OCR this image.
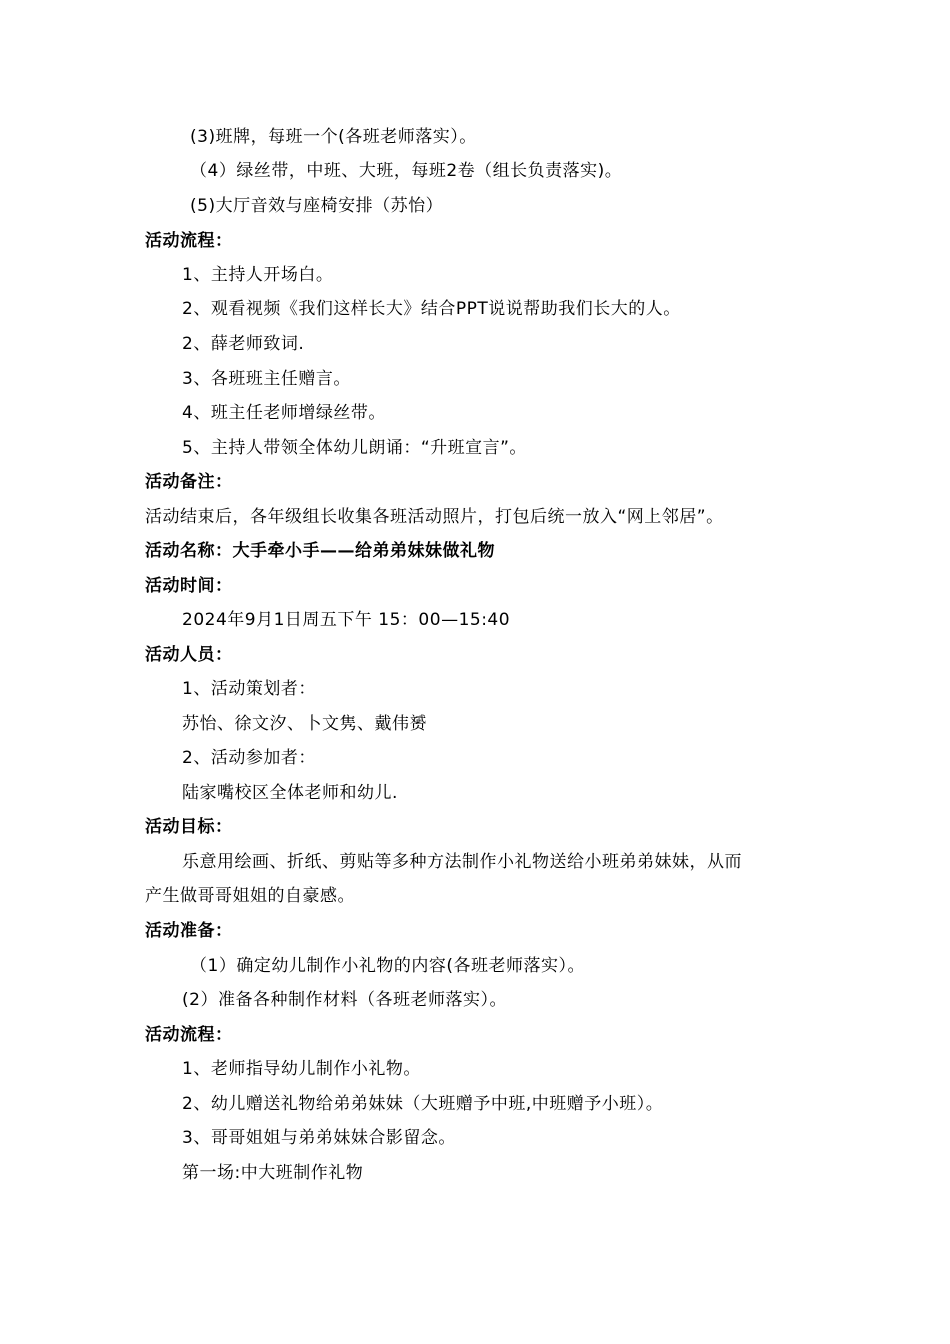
(3)班牌，每班一个(各班老师落实）。
（4）绿丝带，中班、大班，每班2卷（组长负责落实)。
(5)大厅音效与座椅安排（苏怡）
活动流程：
1、主持人开场白。
2、观看视频《我们这样长大》结合PPT说说帮助我们长大的人。
2、薛老师致词.
3、各班班主任赠言。
4、班主任老师增绿丝带。
5、主持人带领全体幼儿朗诵：“升班宣言”。
活动备注：
活动结束后，各年级组长收集各班活动照片，打包后统一放入“网上邻居”。
活动名称：大手牵小手——给弟弟妹妹做礼物
活动时间：
2024年9月1日周五下午 15：00—15:40
活动人员：
1、活动策划者：
苏怡、徐文汐、卜文隽、戴伟赟
2、活动参加者：
陆家嘴校区全体老师和幼儿.
活动目标：
乐意用绘画、折纸、剪贴等多种方法制作小礼物送给小班弟弟妹妹，从而
产生做哥哥姐姐的自豪感。
活动准备：
（1）确定幼儿制作小礼物的内容(各班老师落实）。
(2）准备各种制作材料（各班老师落实）。
活动流程：
1、老师指导幼儿制作小礼物。
2、幼儿赠送礼物给弟弟妹妹（大班赠予中班,中班赠予小班）。
3、哥哥姐姐与弟弟妹妹合影留念。
第一场:中大班制作礼物
